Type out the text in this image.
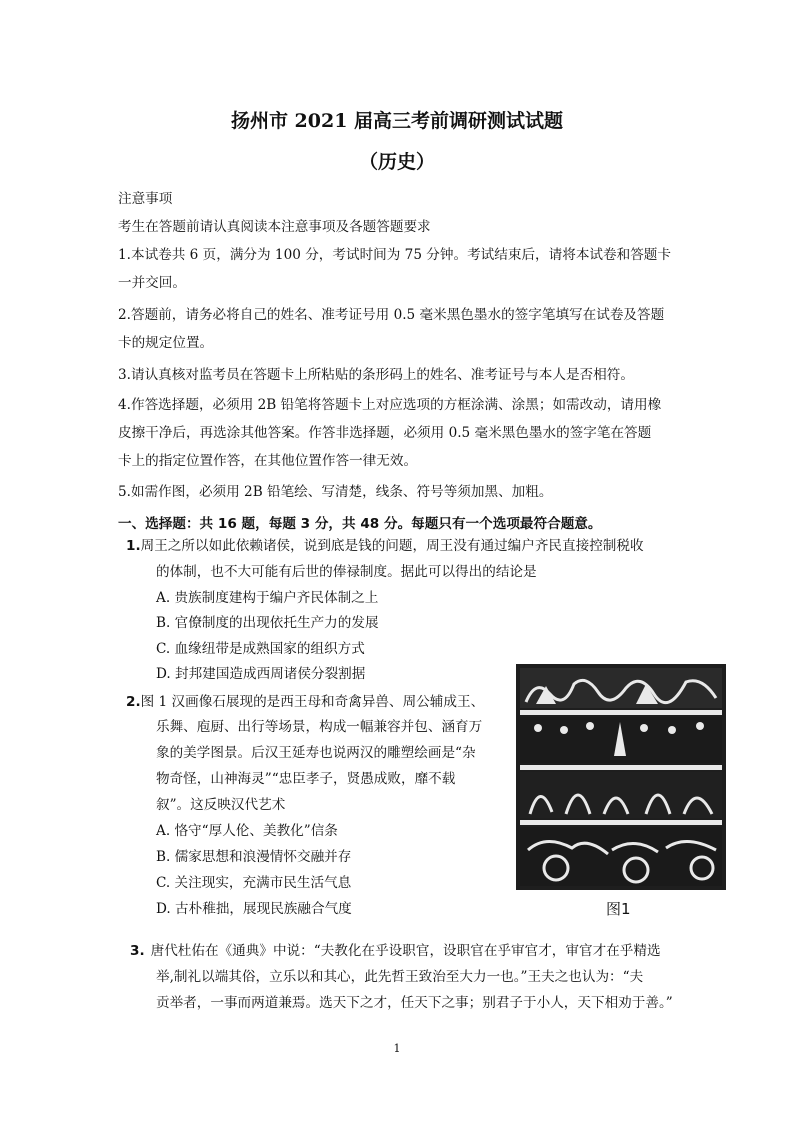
扬州市 2021 届高三考前调研测试试题
（历史）
注意事项
考生在答题前请认真阅读本注意事项及各题答题要求
1.本试卷共 6 页，满分为 100 分，考试时间为 75 分钟。考试结束后，请将本试卷和答题卡
一并交回。
2.答题前，请务必将自己的姓名、准考证号用 0.5 毫米黑色墨水的签字笔填写在试卷及答题
卡的规定位置。
3.请认真核对监考员在答题卡上所粘贴的条形码上的姓名、准考证号与本人是否相符。
4.作答选择题，必须用 2B 铅笔将答题卡上对应选项的方框涂满、涂黑；如需改动，请用橡
皮擦干净后，再选涂其他答案。作答非选择题，必须用 0.5 毫米黑色墨水的签字笔在答题
卡上的指定位置作答，在其他位置作答一律无效。
5.如需作图，必须用 2B 铅笔绘、写清楚，线条、符号等须加黑、加粗。
一、选择题：共 16 题，每题 3 分，共 48 分。每题只有一个选项最符合题意。
1.周王之所以如此依赖诸侯，说到底是钱的问题，周王没有通过编户齐民直接控制税收
的体制，也不大可能有后世的俸禄制度。据此可以得出的结论是
A. 贵族制度建构于编户齐民体制之上
B. 官僚制度的出现依托生产力的发展
C. 血缘纽带是成熟国家的组织方式
D. 封邦建国造成西周诸侯分裂割据
2.图 1 汉画像石展现的是西王母和奇禽异兽、周公辅成王、
乐舞、庖厨、出行等场景，构成一幅兼容并包、涵育万
象的美学图景。后汉王延寿也说两汉的雕塑绘画是“杂
物奇怪，山神海灵”“忠臣孝子，贤愚成败，靡不载
叙”。这反映汉代艺术
A. 恪守“厚人伦、美教化”信条
B. 儒家思想和浪漫情怀交融并存
C. 关注现实，充满市民生活气息
D. 古朴稚拙，展现民族融合气度	图1
3. 唐代杜佑在《通典》中说：“夫教化在乎设职官，设职官在乎审官才，审官才在乎精选
举,制礼以端其俗，立乐以和其心，此先哲王致治至大力一也。”王夫之也认为：“夫
贡举者，一事而两道兼焉。选天下之才，任天下之事；别君子于小人，天下相劝于善。”
1
